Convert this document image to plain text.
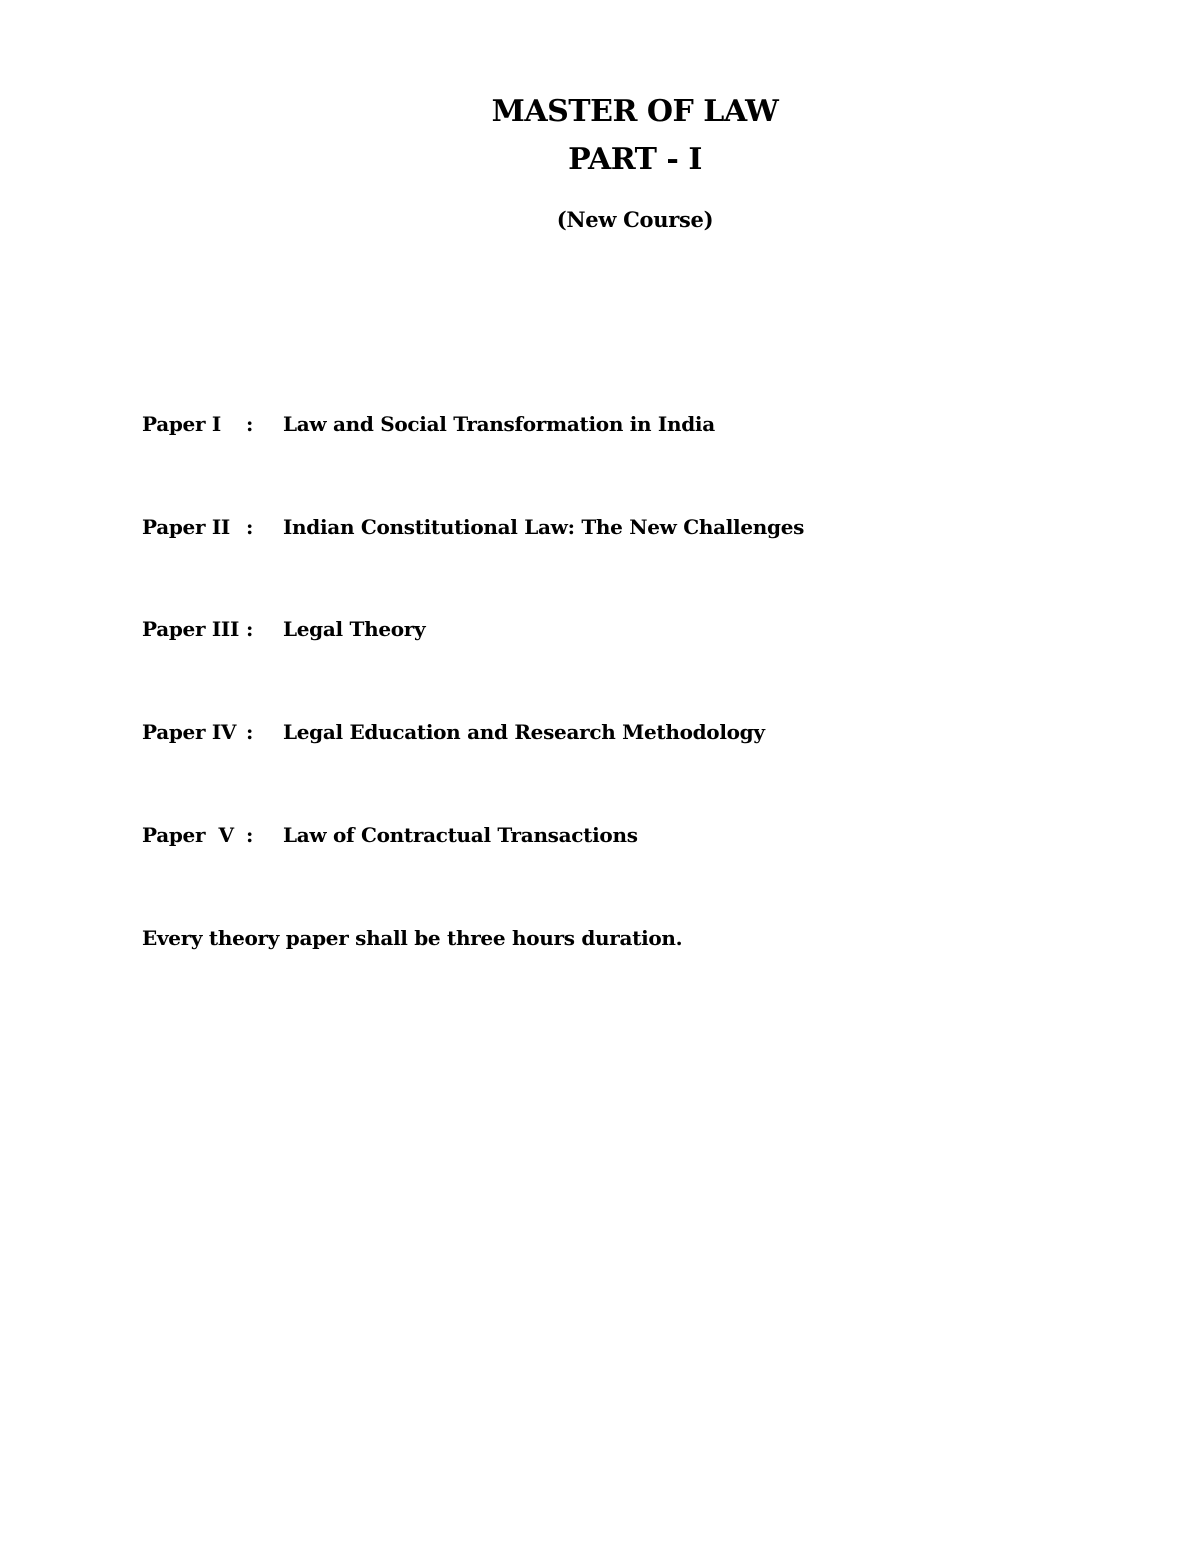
MASTER OF LAW
PART - I
(New Course)
Paper I : Law and Social Transformation in India
Paper II : Indian Constitutional Law: The New Challenges
Paper III : Legal Theory
Paper IV : Legal Education and Research Methodology
Paper  V : Law of Contractual Transactions
Every theory paper shall be three hours duration.
